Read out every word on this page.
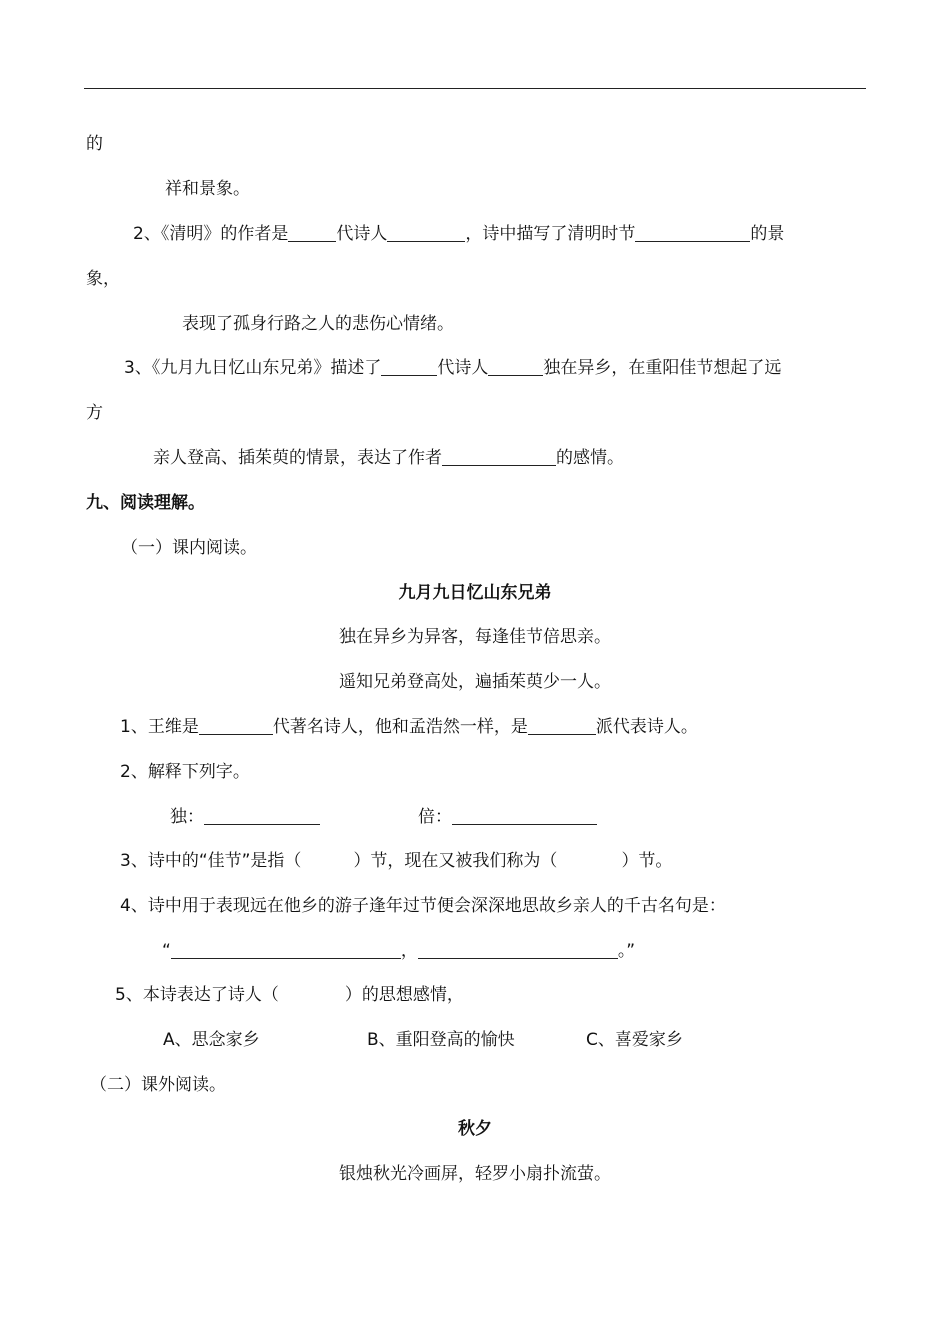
的
祥和景象。
2、《清明》的作者是	代诗人	，诗中描写了清明时节	的景
象，
表现了孤身行路之人的悲伤心情绪。
3、《九月九日忆山东兄弟》描述了	代诗人	独在异乡，在重阳佳节想起了远
方
亲人登高、插茱萸的情景，表达了作者	的感情。
九、阅读理解。
（一）课内阅读。
九月九日忆山东兄弟
独在异乡为异客，每逢佳节倍思亲。
遥知兄弟登高处，遍插茱萸少一人。
1、王维是	代著名诗人，他和孟浩然一样，是	派代表诗人。
2、解释下列字。
独：	倍：
3、诗中的“佳节”是指（	）节，现在又被我们称为（	）节。
4、诗中用于表现远在他乡的游子逢年过节便会深深地思故乡亲人的千古名句是：
“	，	。”
5、本诗表达了诗人（	）的思想感情，
A、思念家乡	B、重阳登高的愉快	C、喜爱家乡
（二）课外阅读。
秋夕
银烛秋光冷画屏，轻罗小扇扑流萤。
